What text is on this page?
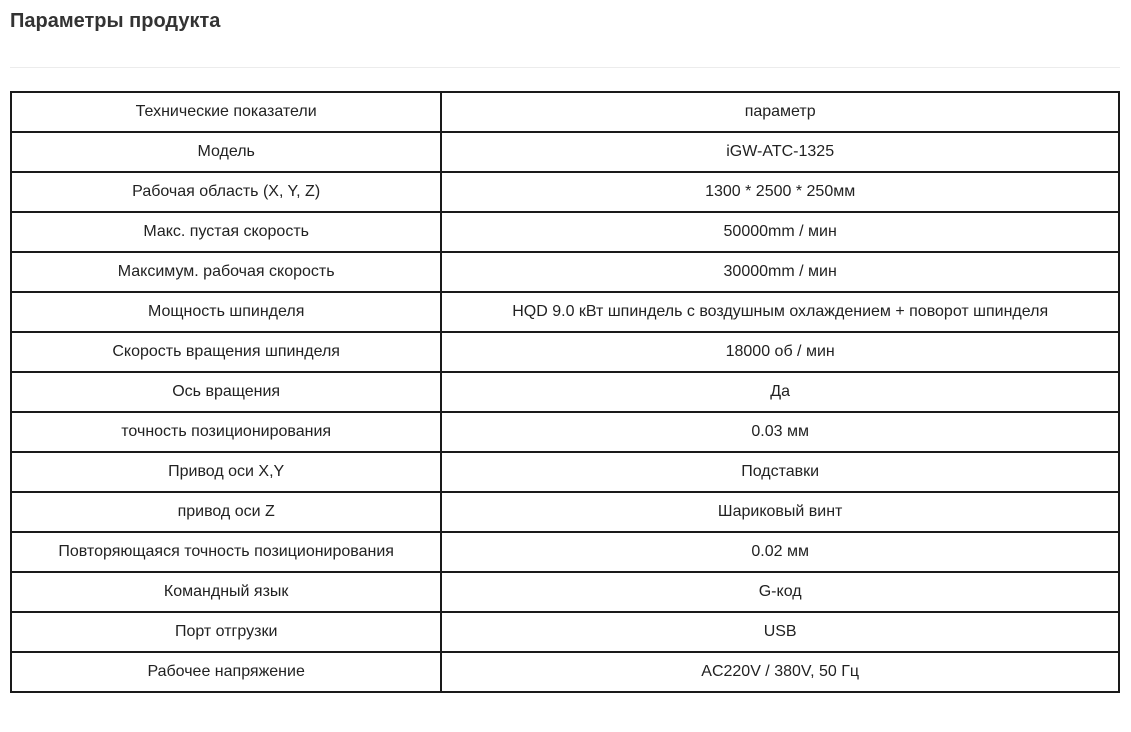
Параметры продукта
Технические показатели	параметр
Модель	iGW-ATC-1325
Рабочая область (X, Y, Z)	1300 * 2500 * 250мм
Макс. пустая скорость	50000mm / мин
Максимум. рабочая скорость	30000mm / мин
Мощность шпинделя	HQD 9.0 кВт шпиндель с воздушным охлаждением + поворот шпинделя
Скорость вращения шпинделя	18000 об / мин
Ось вращения	Да
точность позиционирования	0.03 мм
Привод оси X,Y	Подставки
привод оси Z	Шариковый винт
Повторяющаяся точность позиционирования	0.02 мм
Командный язык	G-код
Порт отгрузки	USB
Рабочее напряжение	AC220V / 380V, 50 Гц
